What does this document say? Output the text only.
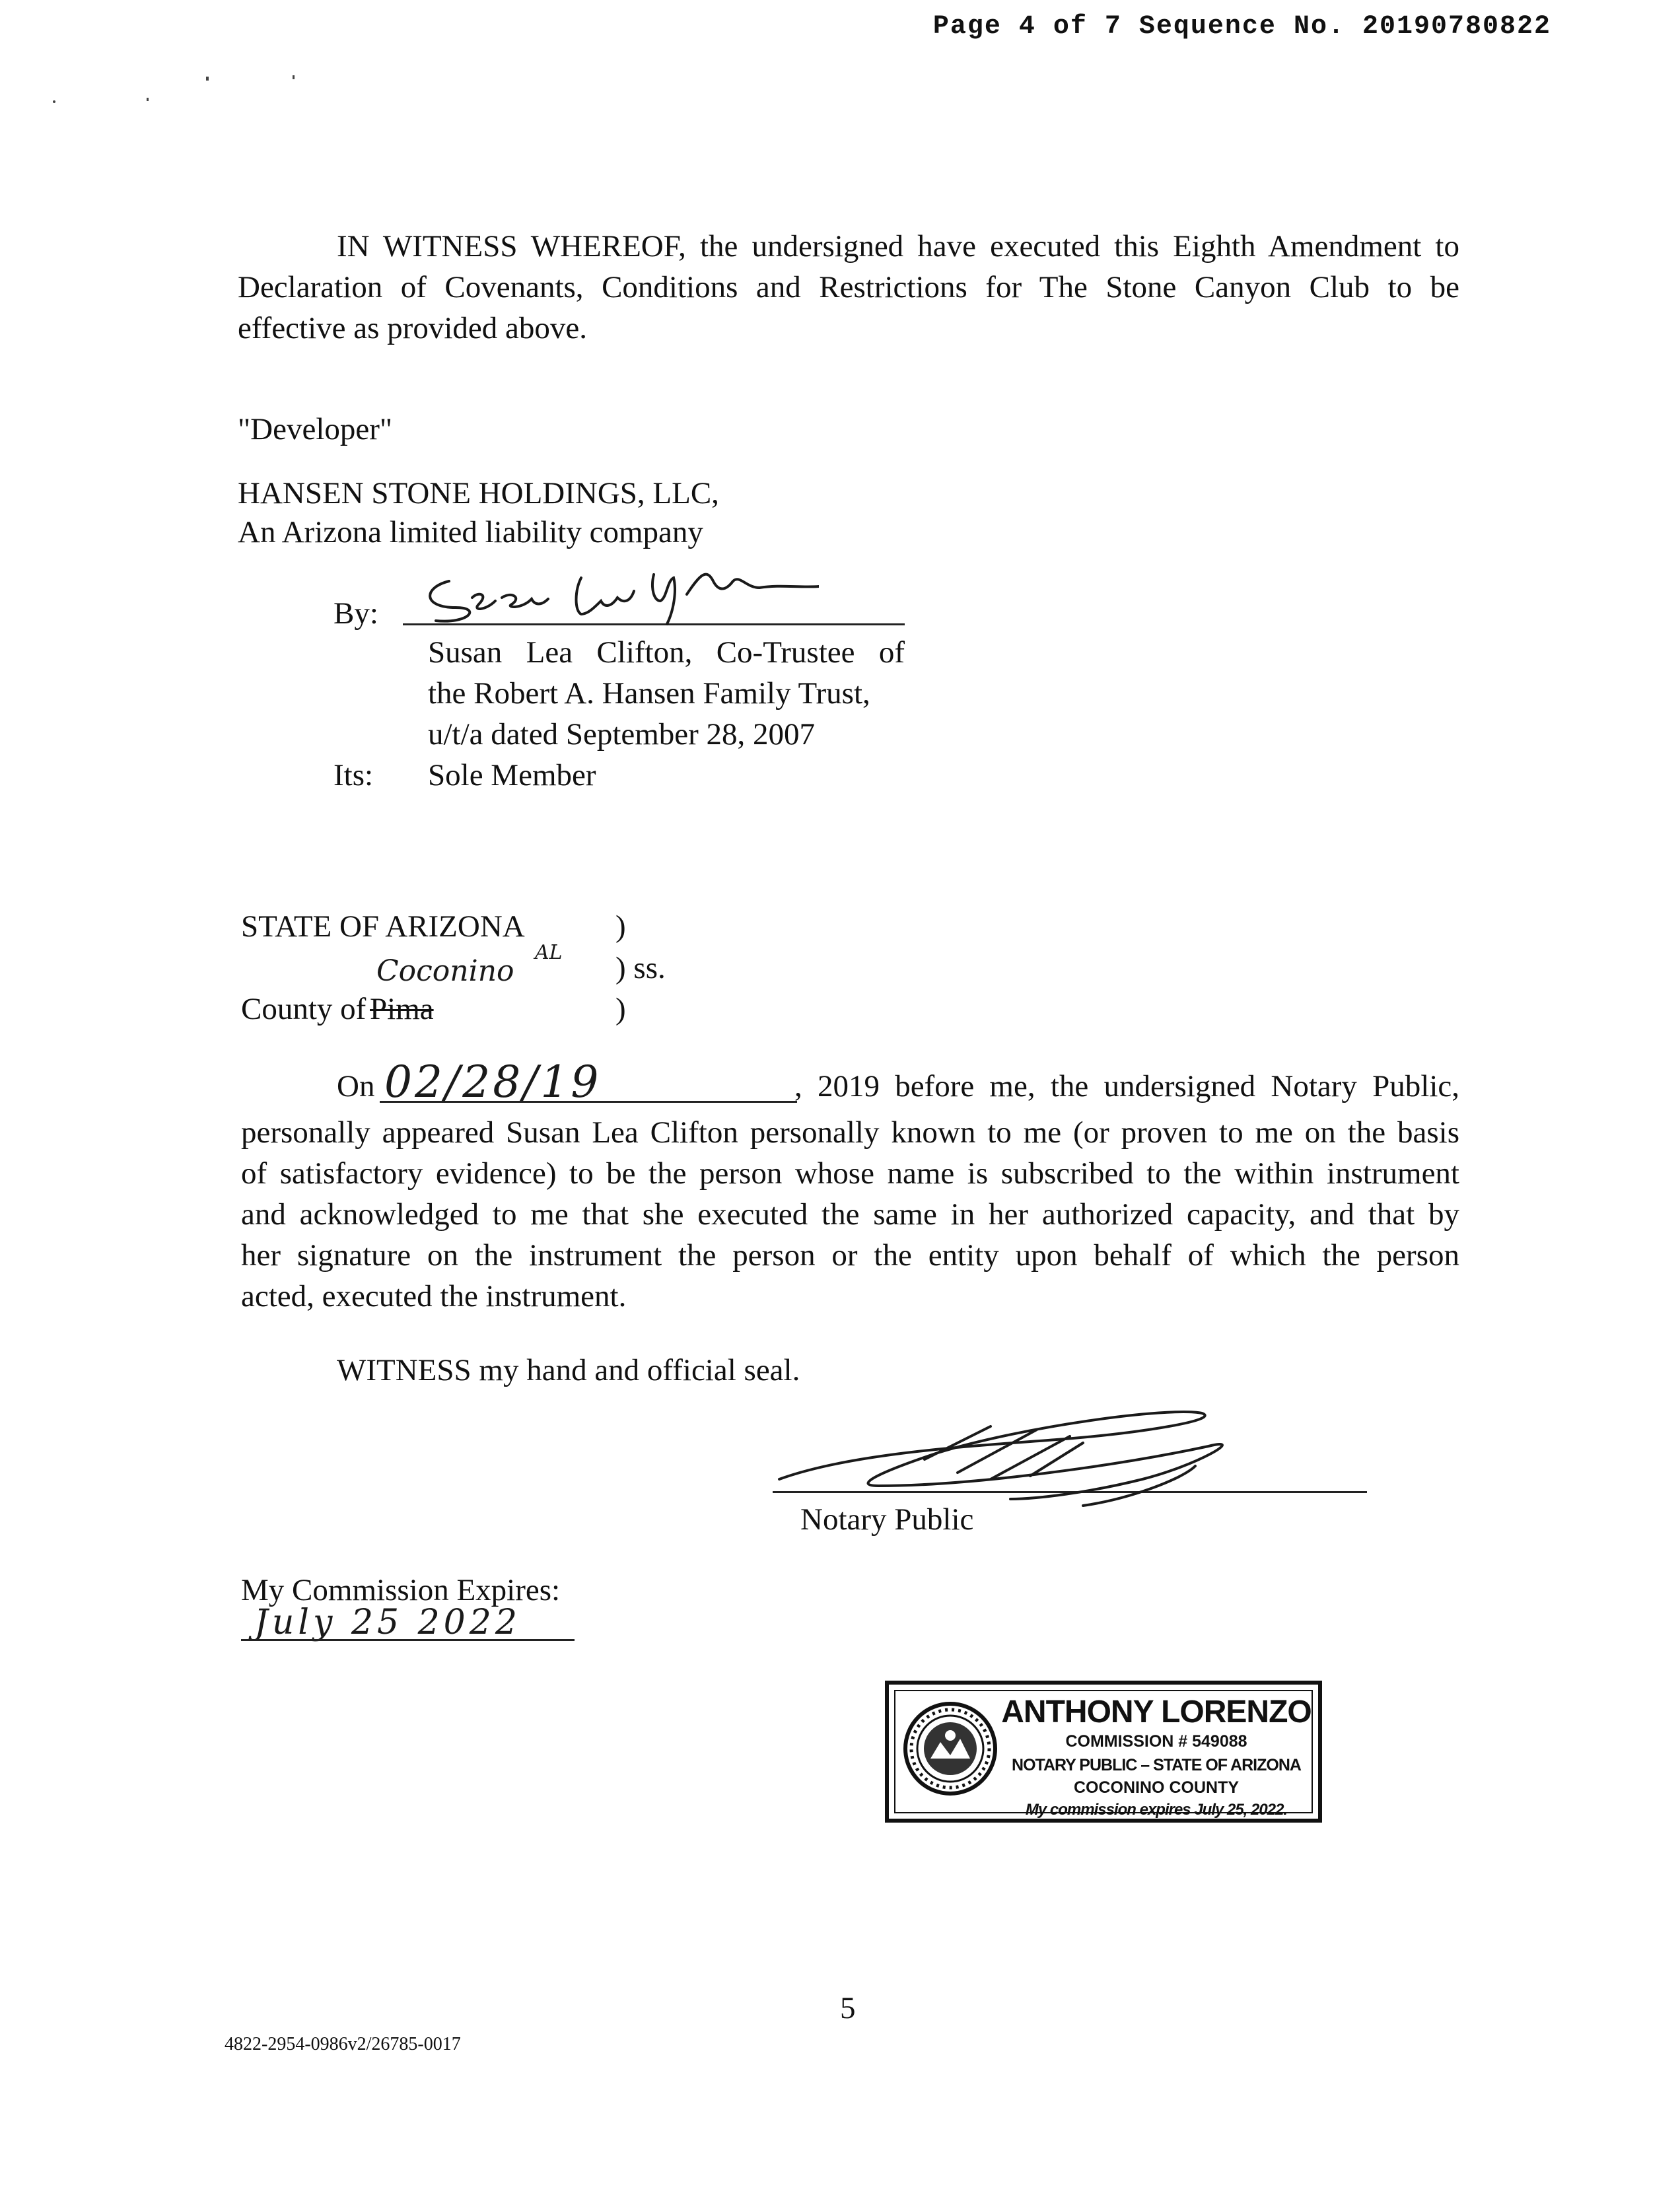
Page 4 of 7 Sequence No. 20190780822
IN WITNESS WHEREOF, the undersigned have executed this Eighth Amendment to
Declaration of Covenants, Conditions and Restrictions for The Stone Canyon Club to be
effective as provided above.
"Developer"
HANSEN STONE HOLDINGS, LLC,
An Arizona limited liability company
By:
Susan Lea Clifton, Co-Trustee of
the Robert A. Hansen Family Trust,
u/t/a dated September 28, 2007
Its: Sole Member
STATE OF ARIZONA	)
Coconino
AL ) ss.
County of Pima	)
On 02/28/19	, 2019 before me, the undersigned Notary Public,
personally appeared Susan Lea Clifton personally known to me (or proven to me on the basis
of satisfactory evidence) to be the person whose name is subscribed to the within instrument
and acknowledged to me that she executed the same in her authorized capacity, and that by
her signature on the instrument the person or the entity upon behalf of which the person
acted, executed the instrument.
WITNESS my hand and official seal.
Notary Public
My Commission Expires:
July 25 2022
ANTHONY LORENZO
COMMISSION # 549088
NOTARY PUBLIC – STATE OF ARIZONA
COCONINO COUNTY
My commission expires July 25, 2022.
5
4822-2954-0986v2/26785-0017
